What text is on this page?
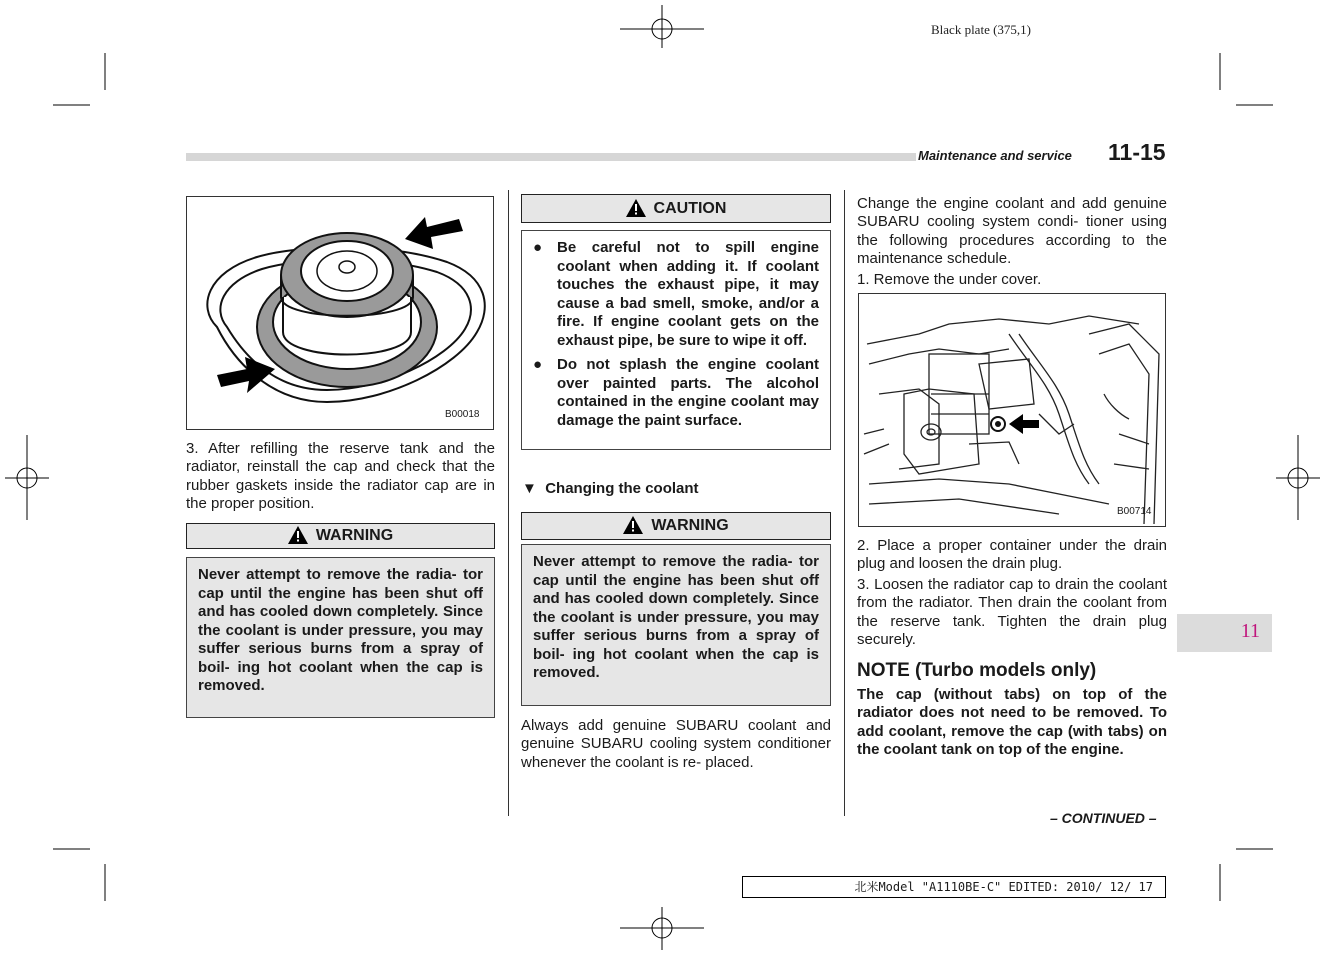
Black plate (375,1)
Maintenance and service 11-15
B00018
3. After refilling the reserve tank and the radiator, reinstall the cap and check that the rubber gaskets inside the radiator cap are in the proper position.
WARNING
Never attempt to remove the radia- tor cap until the engine has been shut off and has cooled down completely. Since the coolant is under pressure, you may suffer serious burns from a spray of boil- ing hot coolant when the cap is removed.
CAUTION
● Be careful not to spill engine coolant when adding it. If coolant touches the exhaust pipe, it may cause a bad smell, smoke, and/or a fire. If engine coolant gets on the exhaust pipe, be sure to wipe it off.
● Do not splash the engine coolant over painted parts. The alcohol contained in the engine coolant may damage the paint surface.
▼ Changing the coolant
WARNING
Never attempt to remove the radia- tor cap until the engine has been shut off and has cooled down completely. Since the coolant is under pressure, you may suffer serious burns from a spray of boil- ing hot coolant when the cap is removed.
Always add genuine SUBARU coolant and genuine SUBARU cooling system conditioner whenever the coolant is re- placed.
Change the engine coolant and add genuine SUBARU cooling system condi- tioner using the following procedures according to the maintenance schedule.
1. Remove the under cover.
B00714
2. Place a proper container under the drain plug and loosen the drain plug.
3. Loosen the radiator cap to drain the coolant from the radiator. Then drain the coolant from the reserve tank. Tighten the drain plug securely.
NOTE (Turbo models only)
The cap (without tabs) on top of the radiator does not need to be removed. To add coolant, remove the cap (with tabs) on the coolant tank on top of the engine.
– CONTINUED –
11
北米Model "A1110BE-C" EDITED: 2010/ 12/ 17
